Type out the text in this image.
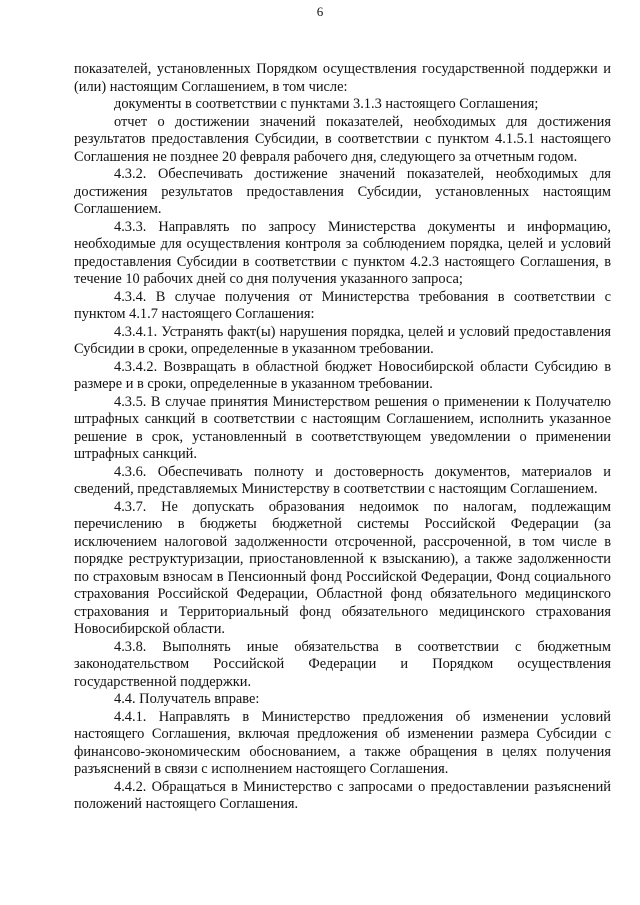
6

показателей, установленных Порядком осуществления государственной поддержки и (или) настоящим Соглашением, в том числе:

документы в соответствии с пунктами 3.1.3 настоящего Соглашения;

отчет о достижении значений показателей, необходимых для достижения результатов предоставления Субсидии, в соответствии с пунктом 4.1.5.1 настоящего Соглашения не позднее 20 февраля рабочего дня, следующего за отчетным годом.

4.3.2. Обеспечивать достижение значений показателей, необходимых для достижения результатов предоставления Субсидии, установленных настоящим Соглашением.

4.3.3. Направлять по запросу Министерства документы и информацию, необходимые для осуществления контроля за соблюдением порядка, целей и условий предоставления Субсидии в соответствии с пунктом 4.2.3 настоящего Соглашения, в течение 10 рабочих дней со дня получения указанного запроса;

4.3.4. В случае получения от Министерства требования в соответствии с пунктом 4.1.7 настоящего Соглашения:

4.3.4.1. Устранять факт(ы) нарушения порядка, целей и условий предоставления Субсидии в сроки, определенные в указанном требовании.

4.3.4.2. Возвращать в областной бюджет Новосибирской области Субсидию в размере и в сроки, определенные в указанном требовании.

4.3.5. В случае принятия Министерством решения о применении к Получателю штрафных санкций в соответствии с настоящим Соглашением, исполнить указанное решение в срок, установленный в соответствующем уведомлении о применении штрафных санкций.

4.3.6. Обеспечивать полноту и достоверность документов, материалов и сведений, представляемых Министерству в соответствии с настоящим Соглашением.

4.3.7. Не допускать образования недоимок по налогам, подлежащим перечислению в бюджеты бюджетной системы Российской Федерации (за исключением налоговой задолженности отсроченной, рассроченной, в том числе в порядке реструктуризации, приостановленной к взысканию), а также задолженности по страховым взносам в Пенсионный фонд Российской Федерации, Фонд социального страхования Российской Федерации, Областной фонд обязательного медицинского страхования и Территориальный фонд обязательного медицинского страхования Новосибирской области.

4.3.8. Выполнять иные обязательства в соответствии с бюджетным законодательством Российской Федерации и Порядком осуществления государственной поддержки.

4.4. Получатель вправе:

4.4.1. Направлять в Министерство предложения об изменении условий настоящего Соглашения, включая предложения об изменении размера Субсидии с финансово-экономическим обоснованием, а также обращения в целях получения разъяснений в связи с исполнением настоящего Соглашения.

4.4.2. Обращаться в Министерство с запросами о предоставлении разъяснений положений настоящего Соглашения.
